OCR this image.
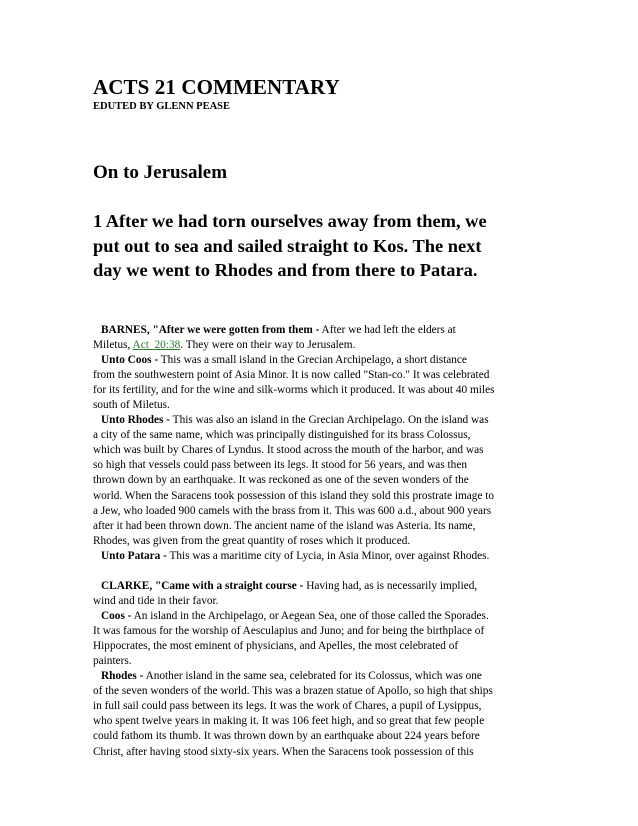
ACTS 21 COMMENTARY
EDUTED BY GLENN PEASE
On to Jerusalem
1 After we had torn ourselves away from them, we
put out to sea and sailed straight to Kos. The next
day we went to Rhodes and from there to Patara.
BARNES, "After we were gotten from them - After we had left the elders at
Miletus, Act_20:38. They were on their way to Jerusalem.
Unto Coos - This was a small island in the Grecian Archipelago, a short distance
from the southwestern point of Asia Minor. It is now called "Stan-co." It was celebrated
for its fertility, and for the wine and silk-worms which it produced. It was about 40 miles
south of Miletus.
Unto Rhodes - This was also an island in the Grecian Archipelago. On the island was
a city of the same name, which was principally distinguished for its brass Colossus,
which was built by Chares of Lyndus. It stood across the mouth of the harbor, and was
so high that vessels could pass between its legs. It stood for 56 years, and was then
thrown down by an earthquake. It was reckoned as one of the seven wonders of the
world. When the Saracens took possession of this island they sold this prostrate image to
a Jew, who loaded 900 camels with the brass from it. This was 600 a.d., about 900 years
after it had been thrown down. The ancient name of the island was Asteria. Its name,
Rhodes, was given from the great quantity of roses which it produced.
Unto Patara - This was a maritime city of Lycia, in Asia Minor, over against Rhodes.
CLARKE, "Came with a straight course - Having had, as is necessarily implied,
wind and tide in their favor.
Coos - An island in the Archipelago, or Aegean Sea, one of those called the Sporades.
It was famous for the worship of Aesculapius and Juno; and for being the birthplace of
Hippocrates, the most eminent of physicians, and Apelles, the most celebrated of
painters.
Rhodes - Another island in the same sea, celebrated for its Colossus, which was one
of the seven wonders of the world. This was a brazen statue of Apollo, so high that ships
in full sail could pass between its legs. It was the work of Chares, a pupil of Lysippus,
who spent twelve years in making it. It was 106 feet high, and so great that few people
could fathom its thumb. It was thrown down by an earthquake about 224 years before
Christ, after having stood sixty-six years. When the Saracens took possession of this
